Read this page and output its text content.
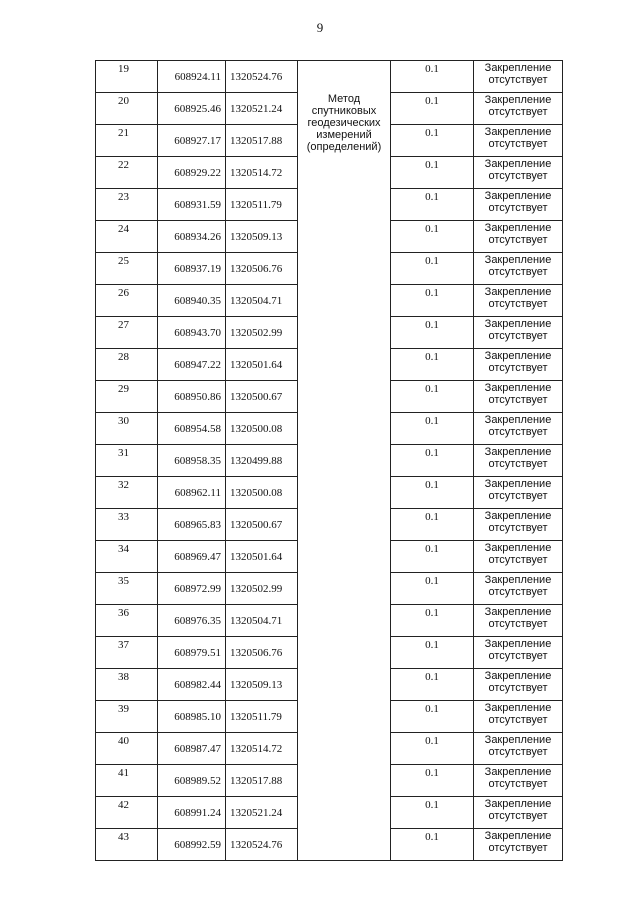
9
19	608924.11	1320524.76	Метод спутниковых геодезических измерений (определений)	0.1	Закрепление
отсутствует

20	608925.46	1320521.24		0.1	Закрепление
отсутствует

21	608927.17	1320517.88		0.1	Закрепление
отсутствует

22	608929.22	1320514.72		0.1	Закрепление
отсутствует

23	608931.59	1320511.79		0.1	Закрепление
отсутствует

24	608934.26	1320509.13		0.1	Закрепление
отсутствует

25	608937.19	1320506.76		0.1	Закрепление
отсутствует

26	608940.35	1320504.71		0.1	Закрепление
отсутствует

27	608943.70	1320502.99		0.1	Закрепление
отсутствует

28	608947.22	1320501.64		0.1	Закрепление
отсутствует

29	608950.86	1320500.67		0.1	Закрепление
отсутствует

30	608954.58	1320500.08		0.1	Закрепление
отсутствует

31	608958.35	1320499.88		0.1	Закрепление
отсутствует

32	608962.11	1320500.08		0.1	Закрепление
отсутствует

33	608965.83	1320500.67		0.1	Закрепление
отсутствует

34	608969.47	1320501.64		0.1	Закрепление
отсутствует

35	608972.99	1320502.99		0.1	Закрепление
отсутствует

36	608976.35	1320504.71		0.1	Закрепление
отсутствует

37	608979.51	1320506.76		0.1	Закрепление
отсутствует

38	608982.44	1320509.13		0.1	Закрепление
отсутствует

39	608985.10	1320511.79		0.1	Закрепление
отсутствует

40	608987.47	1320514.72		0.1	Закрепление
отсутствует

41	608989.52	1320517.88		0.1	Закрепление
отсутствует

42	608991.24	1320521.24		0.1	Закрепление
отсутствует

43	608992.59	1320524.76		0.1	Закрепление
отсутствует
